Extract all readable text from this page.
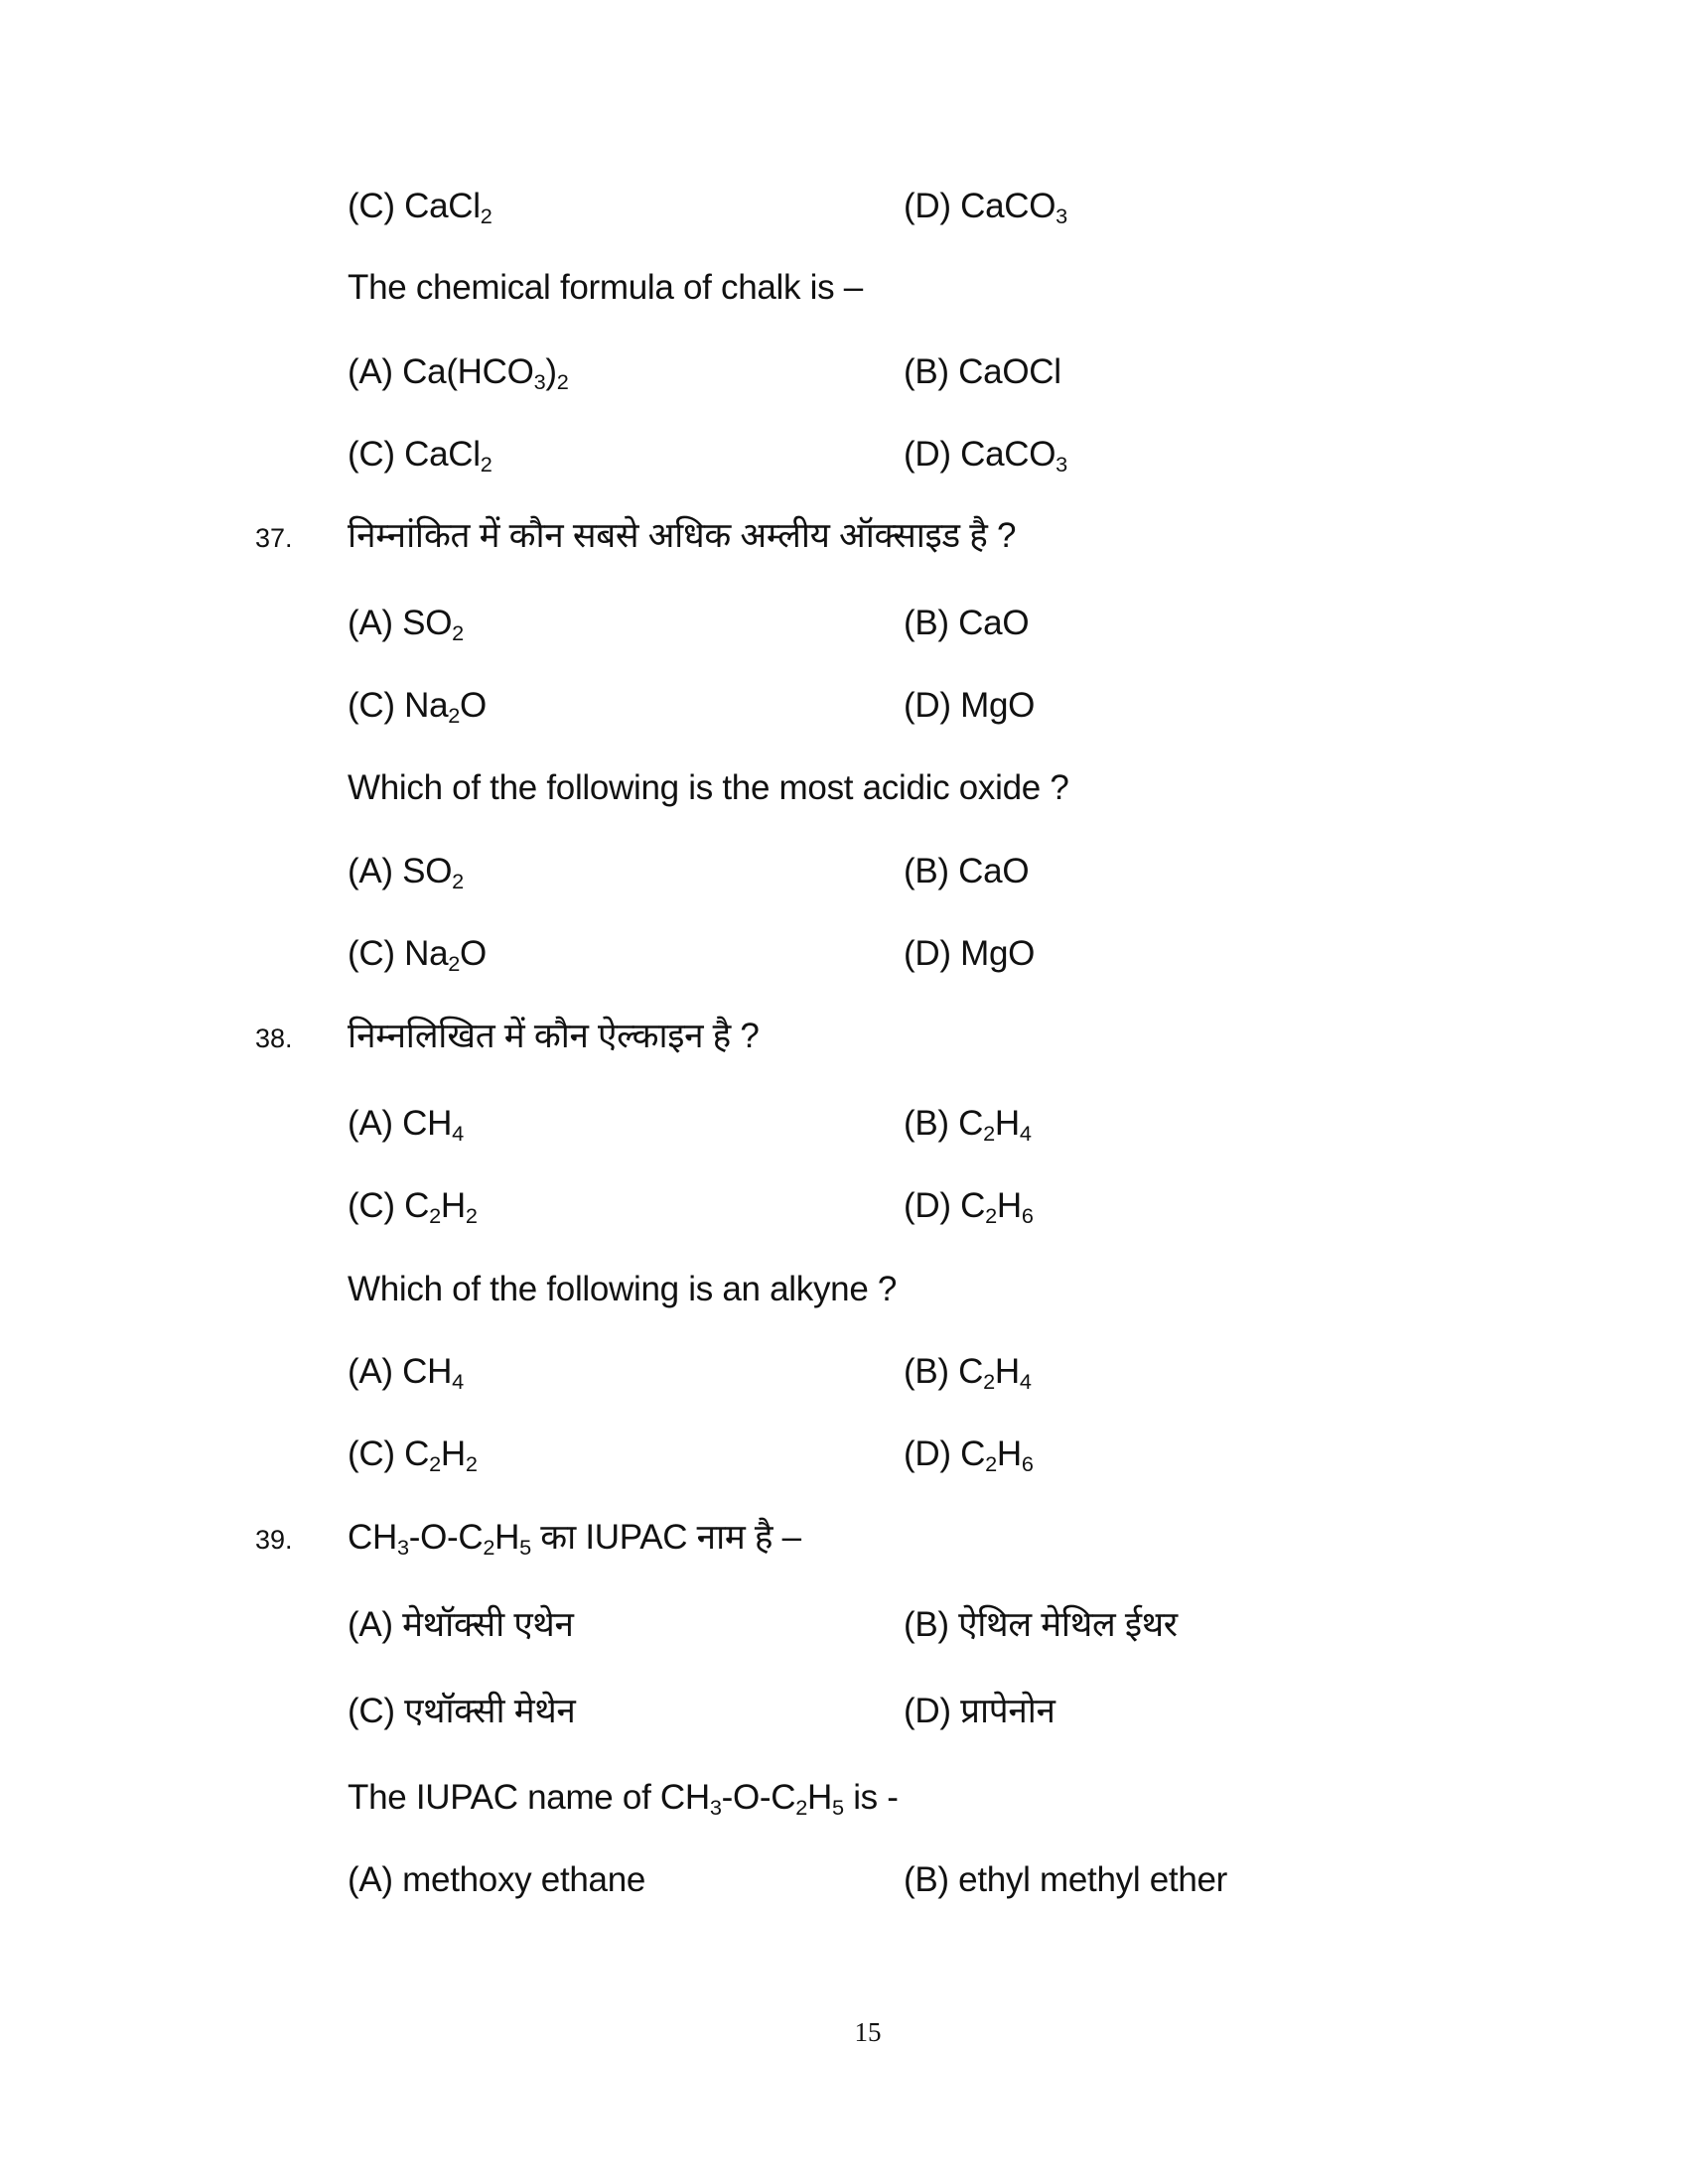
(C) CaCl$_2$	(D) CaCO$_3$
The chemical formula of chalk is –
(A) $Ca(HCO_3)_2$	(B) CaOCl
(C) CaCl$_2$	(D) CaCO$_3$
37. निम्नांकित में कौन सबसे अधिक अम्लीय ऑक्साइड है ?
(A) $SO_2$	(B) CaO
(C) $Na_2O$	(D) MgO
Which of the following is the most acidic oxide ?
(A) $SO_2$	(B) CaO
(C) $Na_2O$	(D) MgO
38. निम्नलिखित में कौन ऐल्काइन है ?
(A) $CH_4$	(B) $C_2H_4$
(C) $C_2H_2$	(D) $C_2H_6$
Which of the following is an alkyne ?
(A) $CH_4$	(B) $C_2H_4$
(C) $C_2H_2$	(D) $C_2H_6$
39. $CH_3-O-C_2H_5$ का IUPAC नाम है –
(A) मेथॉक्सी एथेन	(B) ऐथिल मेथिल ईथर
(C) एथॉक्सी मेथेन	(D) प्रापेनोन
The IUPAC name of $CH_3-O-C_2H_5$ is -
(A) methoxy ethane	(B) ethyl methyl ether
15
